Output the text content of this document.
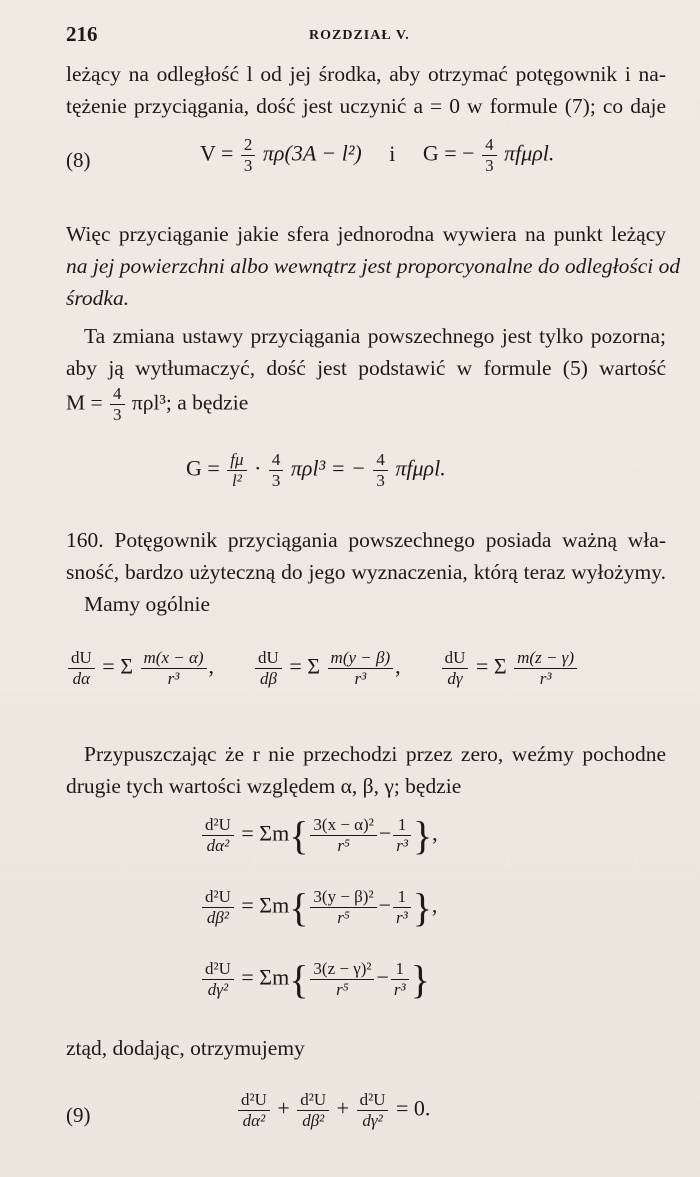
216	ROZDZIAŁ V.
leżący na odległość l od jej środka, aby otrzymać potęgownik i na-
tężenie przyciągania, dość jest uczynić a = 0 w formule (7); co daje
(8)	$V = \frac{2}{3} \pi\rho(3A - l^2)$ i G = − $\frac{4}{3} \pi f\mu\rho l$.
Więc przyciąganie jakie sfera jednorodna wywiera na punkt leżący
na jej powierzchni albo wewnątrz jest proporcyonalne do odległości od
środka.
Ta zmiana ustawy przyciągania powszechnego jest tylko pozorna;
aby ją wytłumaczyć, dość jest podstawić w formule (5) wartość
$M = \frac{4}{3} \pi\rho l^3$; a będzie
$G = \frac{f\mu}{\text{l²}} \cdot \frac{4}{3} \pi\rho l^3$ = − $\frac{4}{3} \pi f\mu\rho l$.
160. Potęgownik przyciągania powszechnego posiada ważną wła-
sność, bardzo użyteczną do jego wyznaczenia, którą teraz wyłożymy.
Mamy ogólnie
$\frac{dU}{d\alpha} = \Sigma \frac{m(x - \alpha)}{\text{r³}}$ , $\frac{dU}{d\beta} = \Sigma \frac{m(y - \beta)}{\text{r³}}$ , $\frac{dU}{d\gamma} = \Sigma \frac{m(z - \gamma)}{\text{r³}}$
Przypuszczając że r nie przechodzi przez zero, weźmy pochodne
drugie tych wartości względem α, β, γ; będzie
$\frac{\text{d²U}}{\text{dα²}} = \Sigma m\{ \frac{\text{3(x − α)²}}{\text{r⁵}} - \frac{1}{\text{r³}}$ },
$\frac{\text{d²U}}{\text{dβ²}} = \Sigma m\{ \frac{\text{3(y − β)²}}{\text{r⁵}} - \frac{1}{\text{r³}}$ },
$\frac{\text{d²U}}{\text{dγ²}} = \Sigma m\{ \frac{\text{3(z − γ)²}}{\text{r⁵}} - \frac{1}{\text{r³}}$ }
ztąd, dodając, otrzymujemy
(9)	$\frac{\text{d²U}}{\text{dα²}} + \frac{\text{d²U}}{\text{dβ²}} + \frac{\text{d²U}}{\text{dγ²}} = 0$.
